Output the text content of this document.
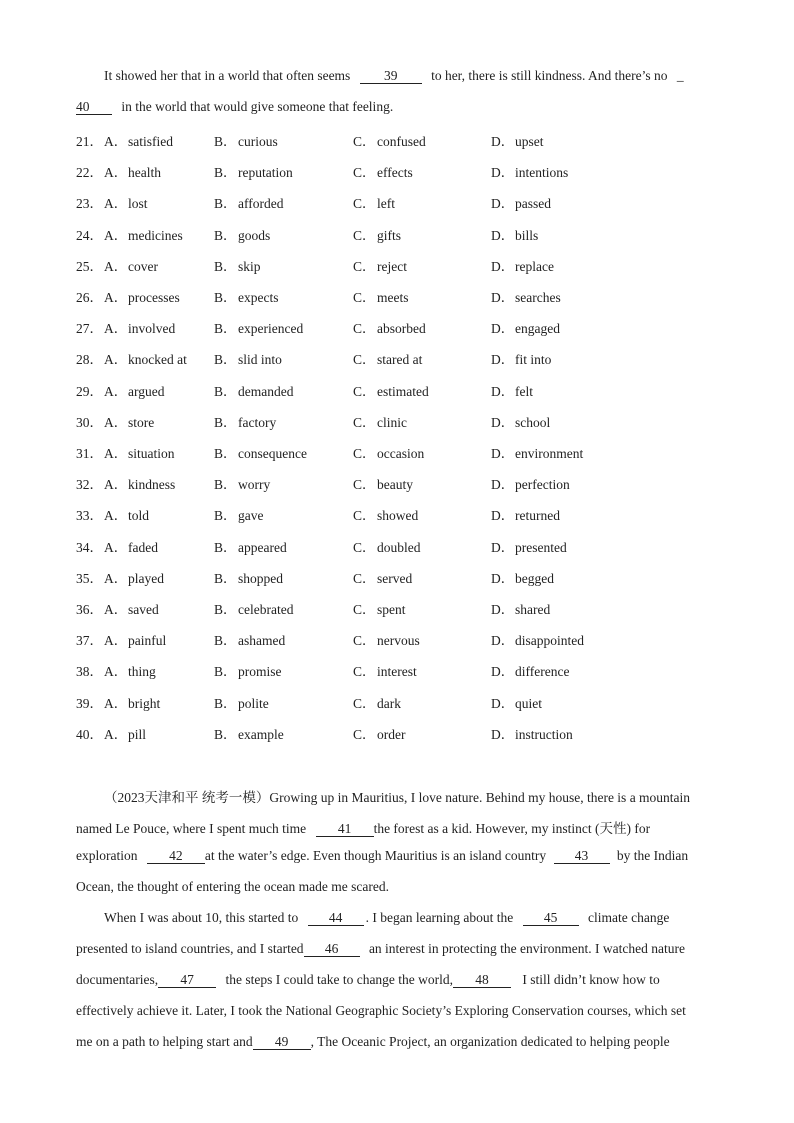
It showed her that in a world that often seems 39 to her, there is still kindness. And there’s no _
40 in the world that would give someone that feeling.
21．A．satisfied	B．curious	C．confused	D．upset
22．A．health	B．reputation	C．effects	D．intentions
23．A．lost	B．afforded	C．left	D．passed
24．A．medicines B．goods	C．gifts	D．bills
25．A．cover	B．skip	C．reject	D．replace
26．A．processes	B．expects	C．meets	D．searches
27．A．involved	B．experienced	C．absorbed	D．engaged
28．A．knocked at B．slid into	C．stared at	D．fit into
29．A．argued	B．demanded	C．estimated	D．felt
30．A．store	B．factory	C．clinic	D．school
31．A．situation	B．consequence	C．occasion	D．environment
32．A．kindness	B．worry	C．beauty	D．perfection
33．A．told	B．gave	C．showed	D．returned
34．A．faded	B．appeared	C．doubled	D．presented
35．A．played	B．shopped	C．served	D．begged
36．A．saved	B．celebrated	C．spent	D．shared
37．A．painful	B．ashamed	C．nervous	D．disappointed
38．A．thing	B．promise	C．interest	D．difference
39．A．bright	B．polite	C．dark	D．quiet
40．A．pill	B．example	C．order	D．instruction
（2023天津和平 统考一模）Growing up in Mauritius, I love nature. Behind my house, there is a mountain
named Le Pouce, where I spent much time 41 the forest as a kid. However, my instinct (天性) for
exploration 42 at the water’s edge. Even though Mauritius is an island country 43 by the Indian
Ocean, the thought of entering the ocean made me scared.
When I was about 10, this started to 44 . I began learning about the 45 climate change
presented to island countries, and I started 46 an interest in protecting the environment. I watched nature
documentaries, 47 the steps I could take to change the world, 48 I still didn’t know how to
effectively achieve it. Later, I took the National Geographic Society’s Exploring Conservation courses, which set
me on a path to helping start and 49 , The Oceanic Project, an organization dedicated to helping people
